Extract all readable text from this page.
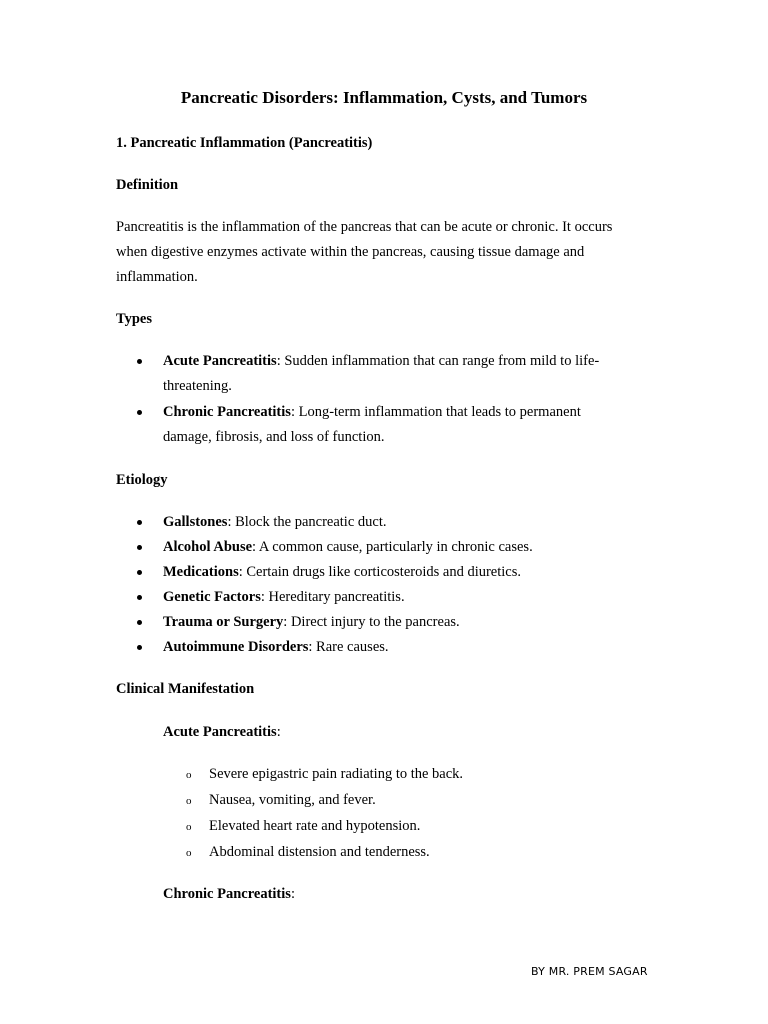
Pancreatic Disorders: Inflammation, Cysts, and Tumors

1. Pancreatic Inflammation (Pancreatitis)

Definition

Pancreatitis is the inflammation of the pancreas that can be acute or chronic. It occurs

when digestive enzymes activate within the pancreas, causing tissue damage and

inflammation.

Types

Acute Pancreatitis: Sudden inflammation that can range from mild to life-

threatening.

Chronic Pancreatitis: Long-term inflammation that leads to permanent

damage, fibrosis, and loss of function.

Etiology

Gallstones: Block the pancreatic duct.

Alcohol Abuse: A common cause, particularly in chronic cases.

Medications: Certain drugs like corticosteroids and diuretics.

Genetic Factors: Hereditary pancreatitis.

Trauma or Surgery: Direct injury to the pancreas.

Autoimmune Disorders: Rare causes.

Clinical Manifestation

Acute Pancreatitis:

o Severe epigastric pain radiating to the back.

o Nausea, vomiting, and fever.

o Elevated heart rate and hypotension.

o Abdominal distension and tenderness.

Chronic Pancreatitis:

BY MR. PREM SAGAR
